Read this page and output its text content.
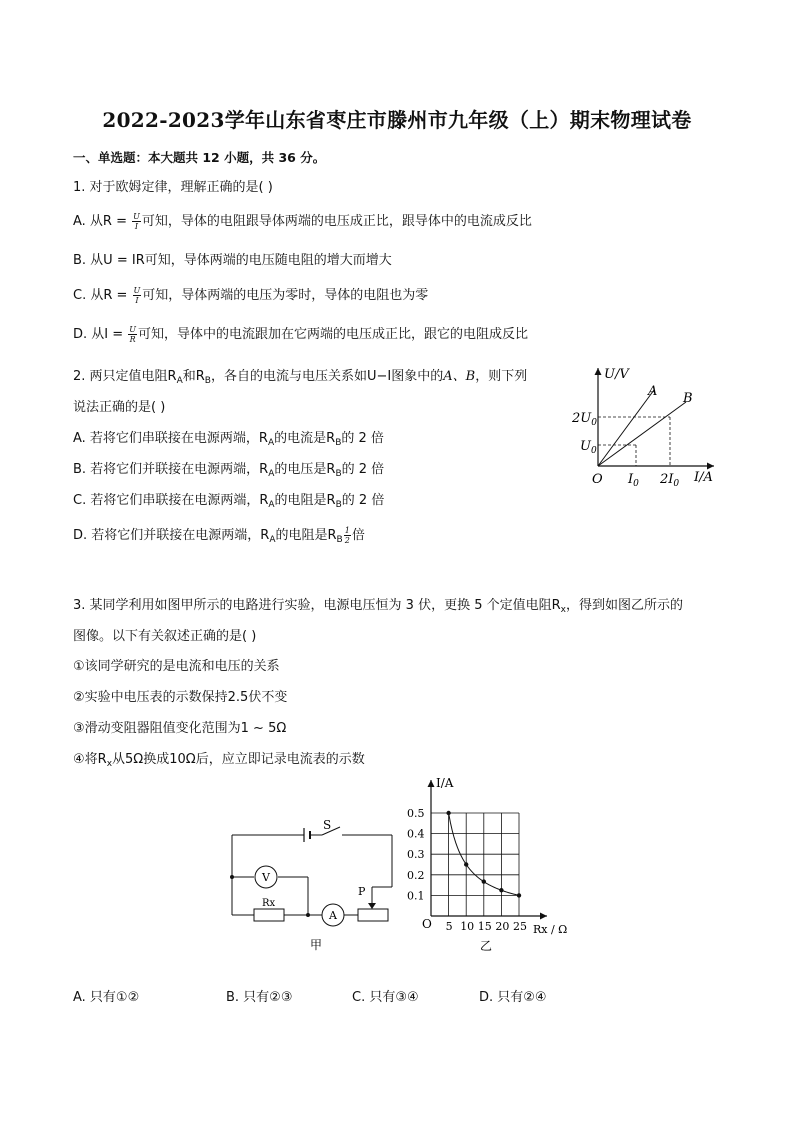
2022-2023学年山东省枣庄市滕州市九年级（上）期末物理试卷
一、单选题：本大题共 12 小题，共 36 分。
1. 对于欧姆定律，理解正确的是( )
A. 从$R = \frac{U}{I}$ 可知，导体的电阻跟导体两端的电压成正比，跟导体中的电流成反比
B. 从U = IR可知，导体两端的电压随电阻的增大而增大
C. 从$R = \frac{U}{I}$ 可知，导体两端的电压为零时，导体的电阻也为零
D. 从$I = \frac{U}{R}$ 可知，导体中的电流跟加在它两端的电压成正比，跟它的电阻成反比
2. 两只定值电阻$R_A$和$R_B$，各自的电流与电压关系如U−I图象中的A、B，则下列
说法正确的是( )
A. 若将它们串联接在电源两端，$R_A$的电流是$R_B$的 2 倍
B. 若将它们并联接在电源两端，$R_A$的电压是$R_B$的 2 倍
C. 若将它们串联接在电源两端，$R_A$的电阻是$R_B$的 2 倍
D. 若将它们并联接在电源两端，$R_A$的电阻是$R_B \frac{1}{2}$ 倍
U/V
I/A
A B
O
$U_0$
$2U_0$
$I_0$ $2I_0$
3. 某同学利用如图甲所示的电路进行实验，电源电压恒为 3 伏，更换 5 个定值电阻$R_x$，得到如图乙所示的
图像。以下有关叙述正确的是( )
①该同学研究的是电流和电压的关系
②实验中电压表的示数保持2.5伏不变
③滑动变阻器阻值变化范围为1 ~ 5Ω
④将$R_x$从5Ω换成10Ω后，应立即记录电流表的示数
S
V
A
Rx
P
甲
0.5
0.4
0.3
0.2
0.1
5 10 15 20 25
I/A
Rx / Ω
O
乙
A. 只有①②	B. 只有②③	C. 只有③④	D. 只有②④
